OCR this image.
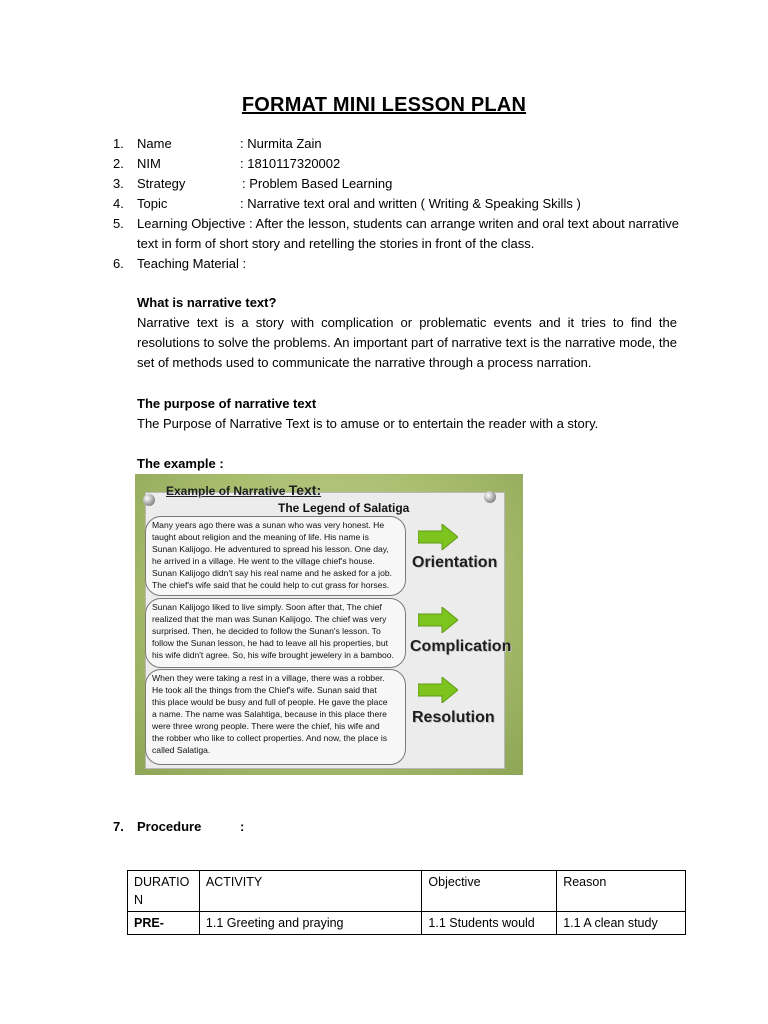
FORMAT MINI LESSON PLAN
1. Name	: Nurmita Zain
2. NIM	: 1810117320002
3. Strategy	: Problem Based Learning
4. Topic	: Narrative text oral and written ( Writing & Speaking Skills )
5. Learning Objective : After the lesson, students can arrange writen and oral text about narrative
text in form of short story and retelling the stories in front of the class.
6. Teaching Material :
What is narrative text?
Narrative text is a story with complication or problematic events and it tries to find the
resolutions to solve the problems. An important part of narrative text is the narrative mode, the
set of methods used to communicate the narrative through a process narration.
The purpose of narrative text
The Purpose of Narrative Text is to amuse or to entertain the reader with a story.
The example :
Example of Narrative Text:
The Legend of Salatiga
Many years ago there was a sunan who was very honest. He
taught about religion and the meaning of life. His name is
Sunan Kalijogo. He adventured to spread his lesson. One day,
he arrived in a village. He went to the village chief's house.
Sunan Kalijogo didn't say his real name and he asked for a job.
The chief's wife said that he could help to cut grass for horses.
Sunan Kalijogo liked to live simply. Soon after that, The chief
realized that the man was Sunan Kalijogo. The chief was very
surprised. Then, he decided to follow the Sunan's lesson. To
follow the Sunan lesson, he had to leave all his properties, but
his wife didn't agree. So, his wife brought jewelery in a bamboo.
When they were taking a rest in a village, there was a robber.
He took all the things from the Chief's wife. Sunan said that
this place would be busy and full of people. He gave the place
a name. The name was Salahtiga, because in this place there
were three wrong people. There were the chief, his wife and
the robber who like to collect properties. And now, the place is
called Salatiga.
Orientation
Complication
Resolution
7. Procedure	:
DURATIO N	ACTIVITY	Objective	Reason
PRE-	1.1 Greeting and praying	1.1 Students would	1.1 A clean study
